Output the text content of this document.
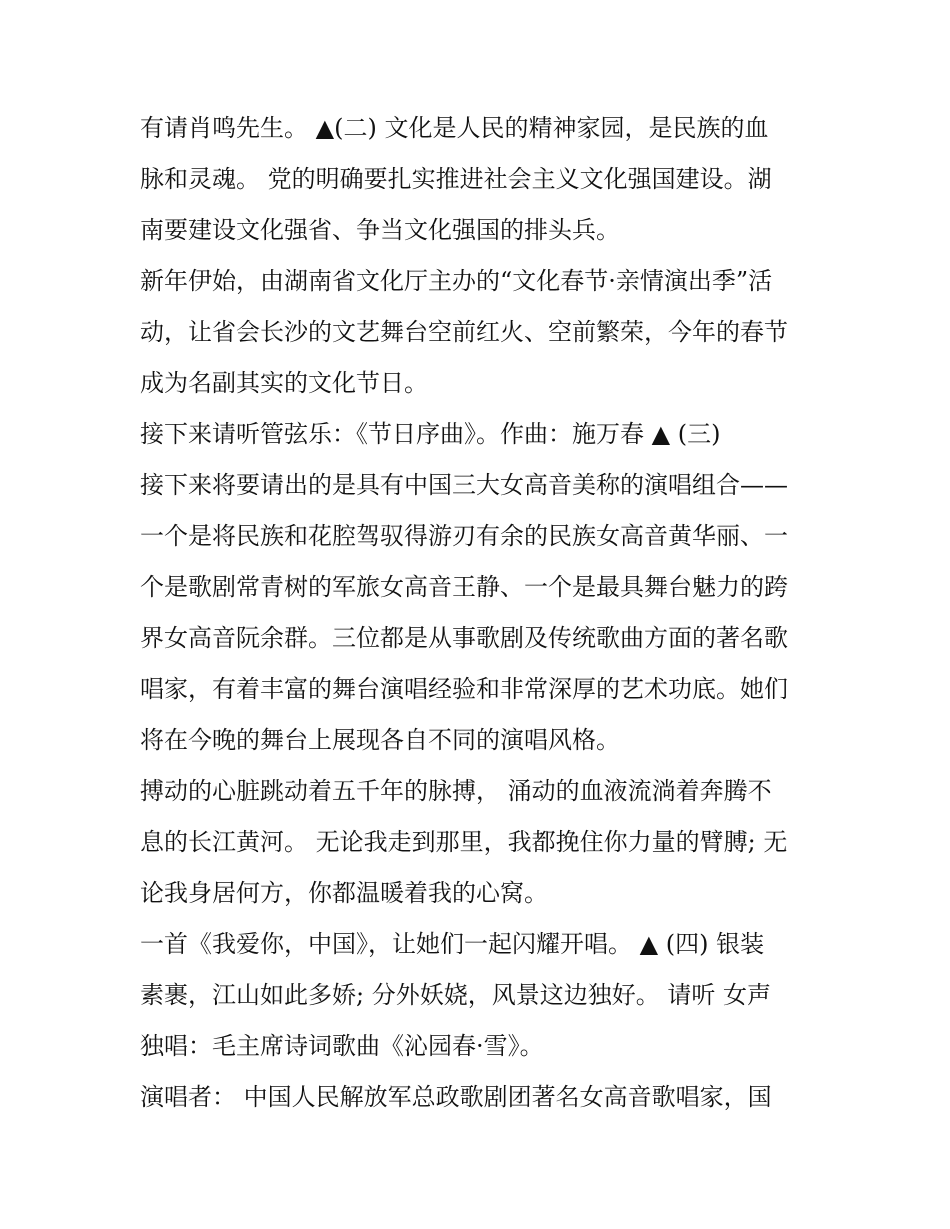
有请肖鸣先生。 ▲(二) 文化是人民的精神家园，是民族的血
脉和灵魂。 党的明确要扎实推进社会主义文化强国建设。湖
南要建设文化强省、争当文化强国的排头兵。
新年伊始，由湖南省文化厅主办的“文化春节·亲情演出季”活
动，让省会长沙的文艺舞台空前红火、空前繁荣，今年的春节
成为名副其实的文化节日。
接下来请听管弦乐：《节日序曲》。作曲：施万春 ▲ (三)
接下来将要请出的是具有中国三大女高音美称的演唱组合——
一个是将民族和花腔驾驭得游刃有余的民族女高音黄华丽、一
个是歌剧常青树的军旅女高音王静、一个是最具舞台魅力的跨
界女高音阮余群。三位都是从事歌剧及传统歌曲方面的著名歌
唱家，有着丰富的舞台演唱经验和非常深厚的艺术功底。她们
将在今晚的舞台上展现各自不同的演唱风格。
搏动的心脏跳动着五千年的脉搏， 涌动的血液流淌着奔腾不
息的长江黄河。 无论我走到那里，我都挽住你力量的臂膊; 无
论我身居何方，你都温暖着我的心窝。
一首《我爱你，中国》，让她们一起闪耀开唱。 ▲ (四) 银装
素裹，江山如此多娇; 分外妖娆，风景这边独好。 请听 女声
独唱：毛主席诗词歌曲《沁园春·雪》。
演唱者： 中国人民解放军总政歌剧团著名女高音歌唱家，国
